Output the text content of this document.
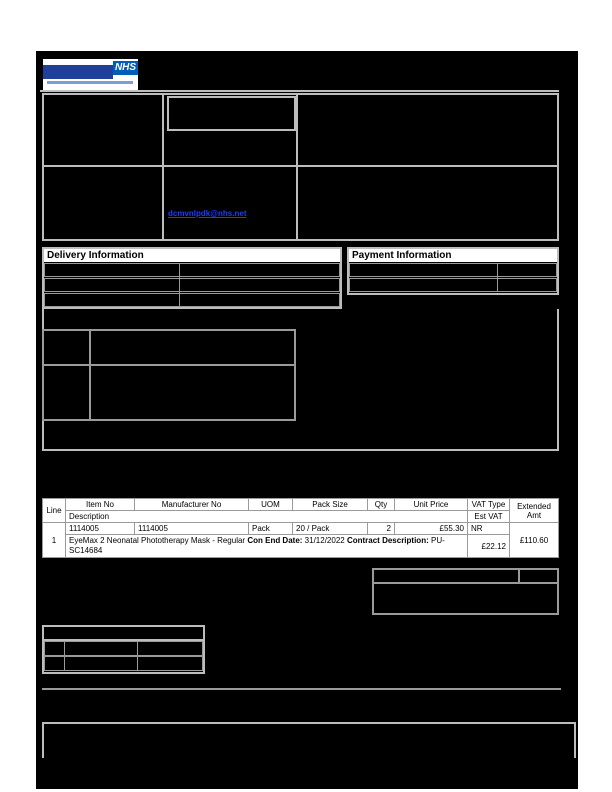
NHS
dcmvnlpdk@nhs.net
Delivery Information	Payment Information
Line	Item No	Manufacturer No	UOM	Pack Size	Qty	Unit Price	VAT Type	Extended Amt
	Description						Est VAT	
1	1114005	1114005	Pack	20 / Pack	2	£55.30	NR	£110.60
	EyeMax 2 Neonatal Phototherapy Mask - Regular Con End Date: 31/12/2022 Contract Description: PU-SC14684						£22.12	
